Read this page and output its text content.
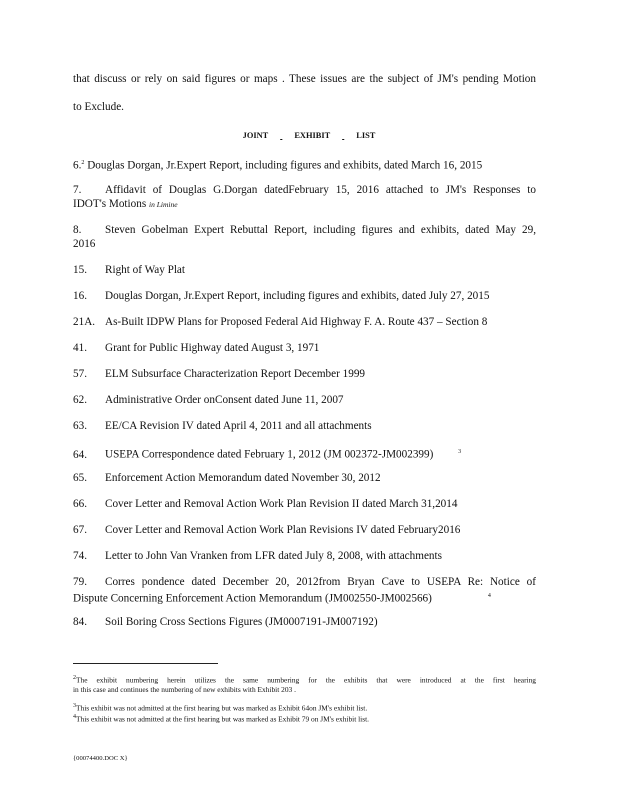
that discuss or rely on said figures or maps . These issues are the subject of JM's pending Motion
to Exclude.
JOINT	EXHIBIT	LIST
6.$^2$ Douglas Dorgan, Jr.Expert Report, including figures and exhibits, dated March 16, 2015
7. Affidavit of Douglas G.Dorgan datedFebruary 15, 2016 attached to JM's Responses to
IDOT's Motions in Limine
8. Steven Gobelman Expert Rebuttal Report, including figures and exhibits, dated May 29,
2016
15. Right of Way Plat
16. Douglas Dorgan, Jr.Expert Report, including figures and exhibits, dated July 27, 2015
21A. As-Built IDPW Plans for Proposed Federal Aid Highway F. A. Route 437 – Section 8
41. Grant for Public Highway dated August 3, 1971
57. ELM Subsurface Characterization Report December 1999
62. Administrative Order onConsent dated June 11, 2007
63. EE/CA Revision IV dated April 4, 2011 and all attachments
64. USEPA Correspondence dated February 1, 2012 (JM 002372-JM002399)	$^3$
65. Enforcement Action Memorandum dated November 30, 2012
66. Cover Letter and Removal Action Work Plan Revision II dated March 31,2014
67. Cover Letter and Removal Action Work Plan Revisions IV dated February2016
74. Letter to John Van Vranken from LFR dated July 8, 2008, with attachments
79. Corres pondence dated December 20, 2012from Bryan Cave to USEPA Re: Notice of
Dispute Concerning Enforcement Action Memorandum (JM002550-JM002566)	$^4$
84. Soil Boring Cross Sections Figures (JM0007191-JM007192)
$^2$The exhibit numbering herein utilizes the same numbering for the exhibits that were introduced at the first hearing
in this case and continues the numbering of new exhibits with Exhibit 203 .
$^3$This exhibit was not admitted at the first hearing but was marked as Exhibit 64on JM's exhibit list.
$^4$This exhibit was not admitted at the first hearing but was marked as Exhibit 79 on JM's exhibit list.
{00074400.DOC X}
